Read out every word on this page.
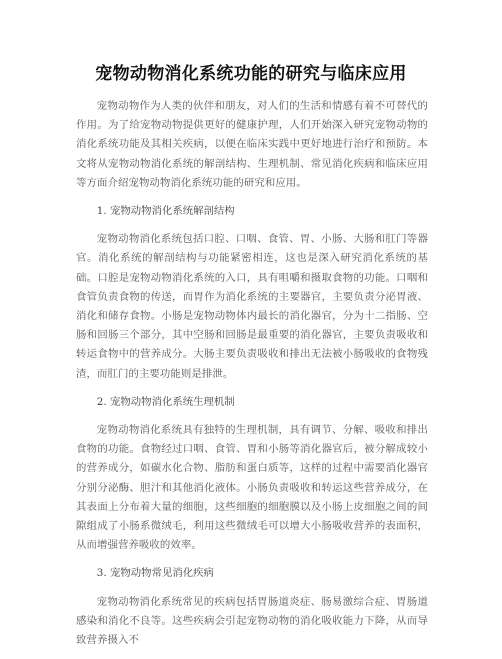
宠物动物消化系统功能的研究与临床应用

宠物动物作为人类的伙伴和朋友，对人们的生活和情感有着不可替代的作用。为了给宠物动物提供更好的健康护理，人们开始深入研究宠物动物的消化系统功能及其相关疾病，以便在临床实践中更好地进行治疗和预防。本文将从宠物动物消化系统的解剖结构、生理机制、常见消化疾病和临床应用等方面介绍宠物动物消化系统功能的研究和应用。

1. 宠物动物消化系统解剖结构

宠物动物消化系统包括口腔、口咽、食管、胃、小肠、大肠和肛门等器官。消化系统的解剖结构与功能紧密相连，这也是深入研究消化系统的基础。口腔是宠物动物消化系统的入口，具有咀嚼和摄取食物的功能。口咽和食管负责食物的传送，而胃作为消化系统的主要器官，主要负责分泌胃液、消化和储存食物。小肠是宠物动物体内最长的消化器官，分为十二指肠、空肠和回肠三个部分，其中空肠和回肠是最重要的消化器官，主要负责吸收和转运食物中的营养成分。大肠主要负责吸收和排出无法被小肠吸收的食物残渣，而肛门的主要功能则是排泄。

2. 宠物动物消化系统生理机制

宠物动物消化系统具有独特的生理机制，具有调节、分解、吸收和排出食物的功能。食物经过口咽、食管、胃和小肠等消化器官后，被分解成较小的营养成分，如碳水化合物、脂肪和蛋白质等，这样的过程中需要消化器官分别分泌酶、胆汁和其他消化液体。小肠负责吸收和转运这些营养成分，在其表面上分布着大量的细胞，这些细胞的细胞膜以及小肠上皮细胞之间的间隙组成了小肠系微绒毛，利用这些微绒毛可以增大小肠吸收营养的表面积，从而增强营养吸收的效率。

3. 宠物动物常见消化疾病

宠物动物消化系统常见的疾病包括胃肠道炎症、肠易激综合症、胃肠道感染和消化不良等。这些疾病会引起宠物动物的消化吸收能力下降，从而导致营养摄入不
